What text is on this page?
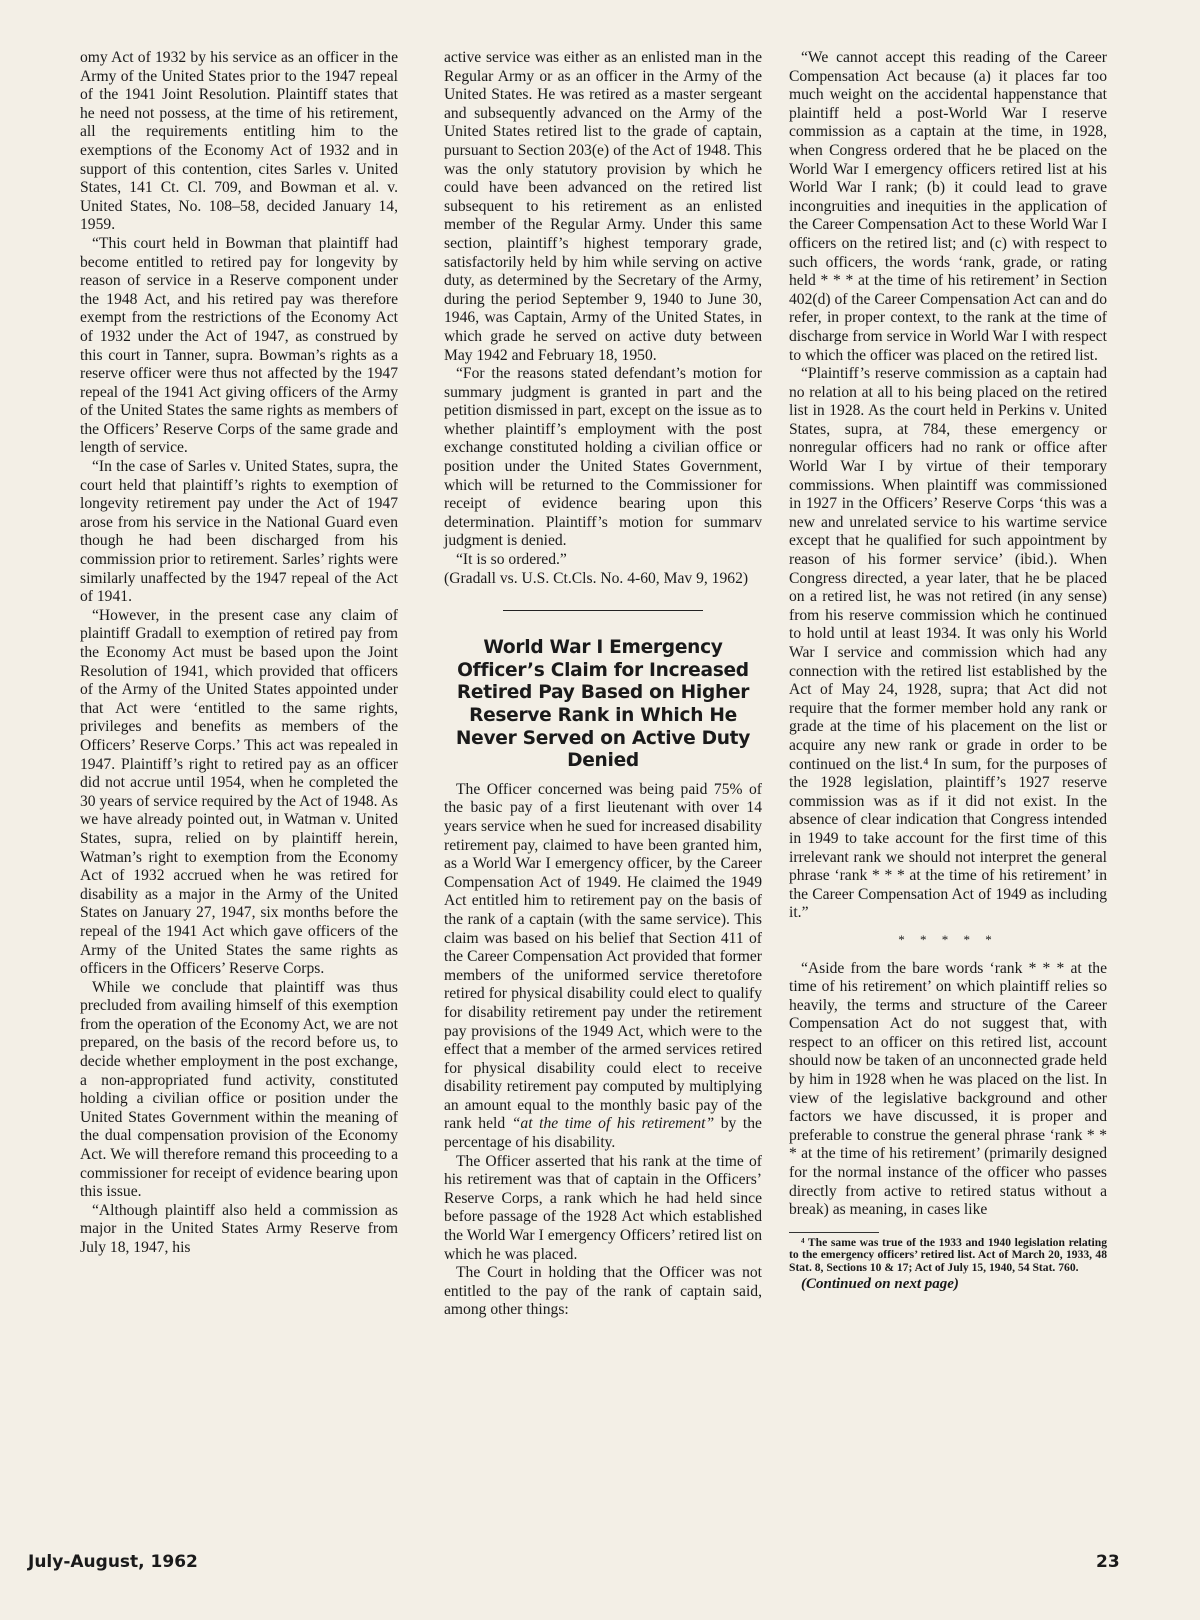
omy Act of 1932 by his service as an officer in the Army of the United States prior to the 1947 repeal of the 1941 Joint Resolution. Plaintiff states that he need not possess, at the time of his retirement, all the requirements entitling him to the exemptions of the Economy Act of 1932 and in support of this contention, cites Sarles v. United States, 141 Ct. Cl. 709, and Bowman et al. v. United States, No. 108–58, decided January 14, 1959.

“This court held in Bowman that plaintiff had become entitled to retired pay for longevity by reason of service in a Reserve component under the 1948 Act, and his retired pay was therefore exempt from the restrictions of the Economy Act of 1932 under the Act of 1947, as construed by this court in Tanner, supra. Bowman’s rights as a reserve officer were thus not affected by the 1947 repeal of the 1941 Act giving officers of the Army of the United States the same rights as members of the Officers’ Reserve Corps of the same grade and length of service.

“In the case of Sarles v. United States, supra, the court held that plaintiff’s rights to exemption of longevity retirement pay under the Act of 1947 arose from his service in the National Guard even though he had been discharged from his commission prior to retirement. Sarles’ rights were similarly unaffected by the 1947 repeal of the Act of 1941.

“However, in the present case any claim of plaintiff Gradall to exemption of retired pay from the Economy Act must be based upon the Joint Resolution of 1941, which provided that officers of the Army of the United States appointed under that Act were ‘entitled to the same rights, privileges and benefits as members of the Officers’ Reserve Corps.’ This act was repealed in 1947. Plaintiff’s right to retired pay as an officer did not accrue until 1954, when he completed the 30 years of service required by the Act of 1948. As we have already pointed out, in Watman v. United States, supra, relied on by plaintiff herein, Watman’s right to exemption from the Economy Act of 1932 accrued when he was retired for disability as a major in the Army of the United States on January 27, 1947, six months before the repeal of the 1941 Act which gave officers of the Army of the United States the same rights as officers in the Officers’ Reserve Corps.

While we conclude that plaintiff was thus precluded from availing himself of this exemption from the operation of the Economy Act, we are not prepared, on the basis of the record before us, to decide whether employment in the post exchange, a non-appropriated fund activity, constituted holding a civilian office or position under the United States Government within the meaning of the dual compensation provision of the Economy Act. We will therefore remand this proceeding to a commissioner for receipt of evidence bearing upon this issue.

“Although plaintiff also held a commission as major in the United States Army Reserve from July 18, 1947, his

active service was either as an enlisted man in the Regular Army or as an officer in the Army of the United States. He was retired as a master sergeant and subsequently advanced on the Army of the United States retired list to the grade of captain, pursuant to Section 203(e) of the Act of 1948. This was the only statutory provision by which he could have been advanced on the retired list subsequent to his retirement as an enlisted member of the Regular Army. Under this same section, plaintiff’s highest temporary grade, satisfactorily held by him while serving on active duty, as determined by the Secretary of the Army, during the period September 9, 1940 to June 30, 1946, was Captain, Army of the United States, in which grade he served on active duty between May 1942 and February 18, 1950.

“For the reasons stated defendant’s motion for summary judgment is granted in part and the petition dismissed in part, except on the issue as to whether plaintiff’s employment with the post exchange constituted holding a civilian office or position under the United States Government, which will be returned to the Commissioner for receipt of evidence bearing upon this determination. Plaintiff’s motion for summarv judgment is denied.

“It is so ordered.”

(Gradall vs. U.S. Ct.Cls. No. 4-60, Mav 9, 1962)

World War I Emergency Officer’s Claim for Increased Retired Pay Based on Higher Reserve Rank in Which He Never Served on Active Duty Denied

The Officer concerned was being paid 75% of the basic pay of a first lieutenant with over 14 years service when he sued for increased disability retirement pay, claimed to have been granted him, as a World War I emergency officer, by the Career Compensation Act of 1949. He claimed the 1949 Act entitled him to retirement pay on the basis of the rank of a captain (with the same service). This claim was based on his belief that Section 411 of the Career Compensation Act provided that former members of the uniformed service theretofore retired for physical disability could elect to qualify for disability retirement pay under the retirement pay provisions of the 1949 Act, which were to the effect that a member of the armed services retired for physical disability could elect to receive disability retirement pay computed by multiplying an amount equal to the monthly basic pay of the rank held “at the time of his retirement” by the percentage of his disability.

The Officer asserted that his rank at the time of his retirement was that of captain in the Officers’ Reserve Corps, a rank which he had held since before passage of the 1928 Act which established the World War I emergency Officers’ retired list on which he was placed.

The Court in holding that the Officer was not entitled to the pay of the rank of captain said, among other things:

“We cannot accept this reading of the Career Compensation Act because (a) it places far too much weight on the accidental happenstance that plaintiff held a post-World War I reserve commission as a captain at the time, in 1928, when Congress ordered that he be placed on the World War I emergency officers retired list at his World War I rank; (b) it could lead to grave incongruities and inequities in the application of the Career Compensation Act to these World War I officers on the retired list; and (c) with respect to such officers, the words ‘rank, grade, or rating held * * * at the time of his retirement’ in Section 402(d) of the Career Compensation Act can and do refer, in proper context, to the rank at the time of discharge from service in World War I with respect to which the officer was placed on the retired list.

“Plaintiff’s reserve commission as a captain had no relation at all to his being placed on the retired list in 1928. As the court held in Perkins v. United States, supra, at 784, these emergency or nonregular officers had no rank or office after World War I by virtue of their temporary commissions. When plaintiff was commissioned in 1927 in the Officers’ Reserve Corps ‘this was a new and unrelated service to his wartime service except that he qualified for such appointment by reason of his former service’ (ibid.). When Congress directed, a year later, that he be placed on a retired list, he was not retired (in any sense) from his reserve commission which he continued to hold until at least 1934. It was only his World War I service and commission which had any connection with the retired list established by the Act of May 24, 1928, supra; that Act did not require that the former member hold any rank or grade at the time of his placement on the list or acquire any new rank or grade in order to be continued on the list.⁴ In sum, for the purposes of the 1928 legislation, plaintiff’s 1927 reserve commission was as if it did not exist. In the absence of clear indication that Congress intended in 1949 to take account for the first time of this irrelevant rank we should not interpret the general phrase ‘rank * * * at the time of his retirement’ in the Career Compensation Act of 1949 as including it.”

* * * * *

“Aside from the bare words ‘rank * * * at the time of his retirement’ on which plaintiff relies so heavily, the terms and structure of the Career Compensation Act do not suggest that, with respect to an officer on this retired list, account should now be taken of an unconnected grade held by him in 1928 when he was placed on the list. In view of the legislative background and other factors we have discussed, it is proper and preferable to construe the general phrase ‘rank * * * at the time of his retirement’ (primarily designed for the normal instance of the officer who passes directly from active to retired status without a break) as meaning, in cases like

⁴ The same was true of the 1933 and 1940 legislation relating to the emergency officers’ retired list. Act of March 20, 1933, 48 Stat. 8, Sections 10 & 17; Act of July 15, 1940, 54 Stat. 760.

(Continued on next page)

July-August, 1962	23
